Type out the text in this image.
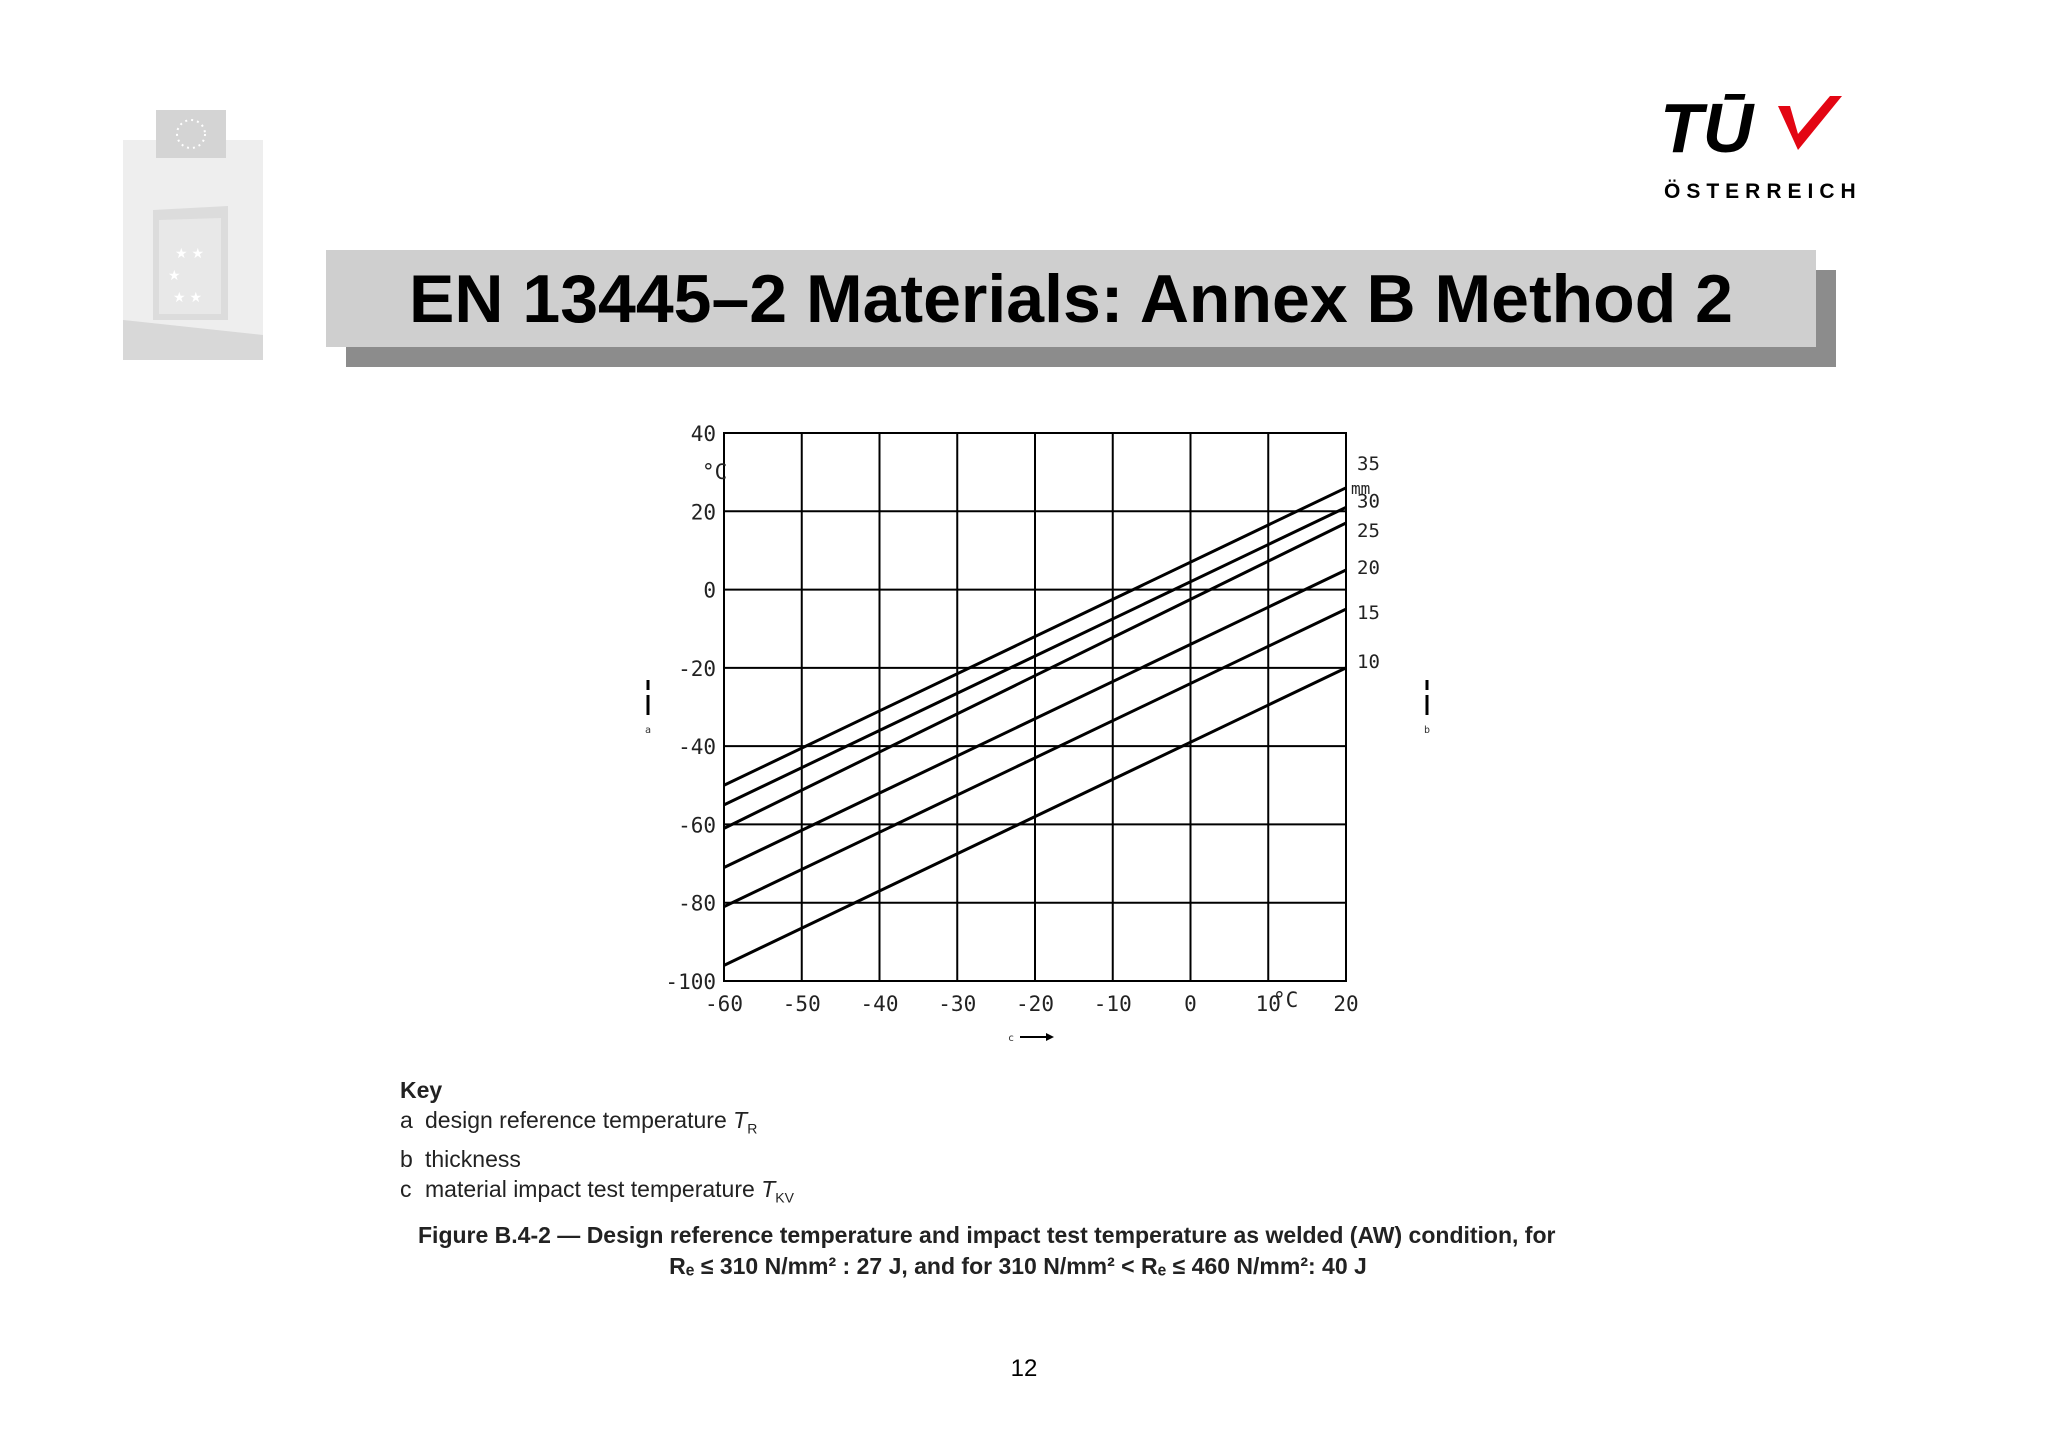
★ ★
★
★ ★
TŪ
ÖSTERREICH
EN 13445–2 Materials: Annex B Method 2
-60 -50 -40 -30 -20 -10 0	10 20
40
20
0
-20
-40
-60
-80
-100
35
30
25
20
15
10
°C
°C
mm
a	b
c
Key
a design reference temperature $T_R$
b thickness
c material impact test temperature $T_{KV}$
Figure B.4-2 — Design reference temperature and impact test temperature as welded (AW) condition, for
Rₑ ≤ 310 N/mm² : 27 J, and for 310 N/mm² < Rₑ ≤ 460 N/mm²: 40 J
12
